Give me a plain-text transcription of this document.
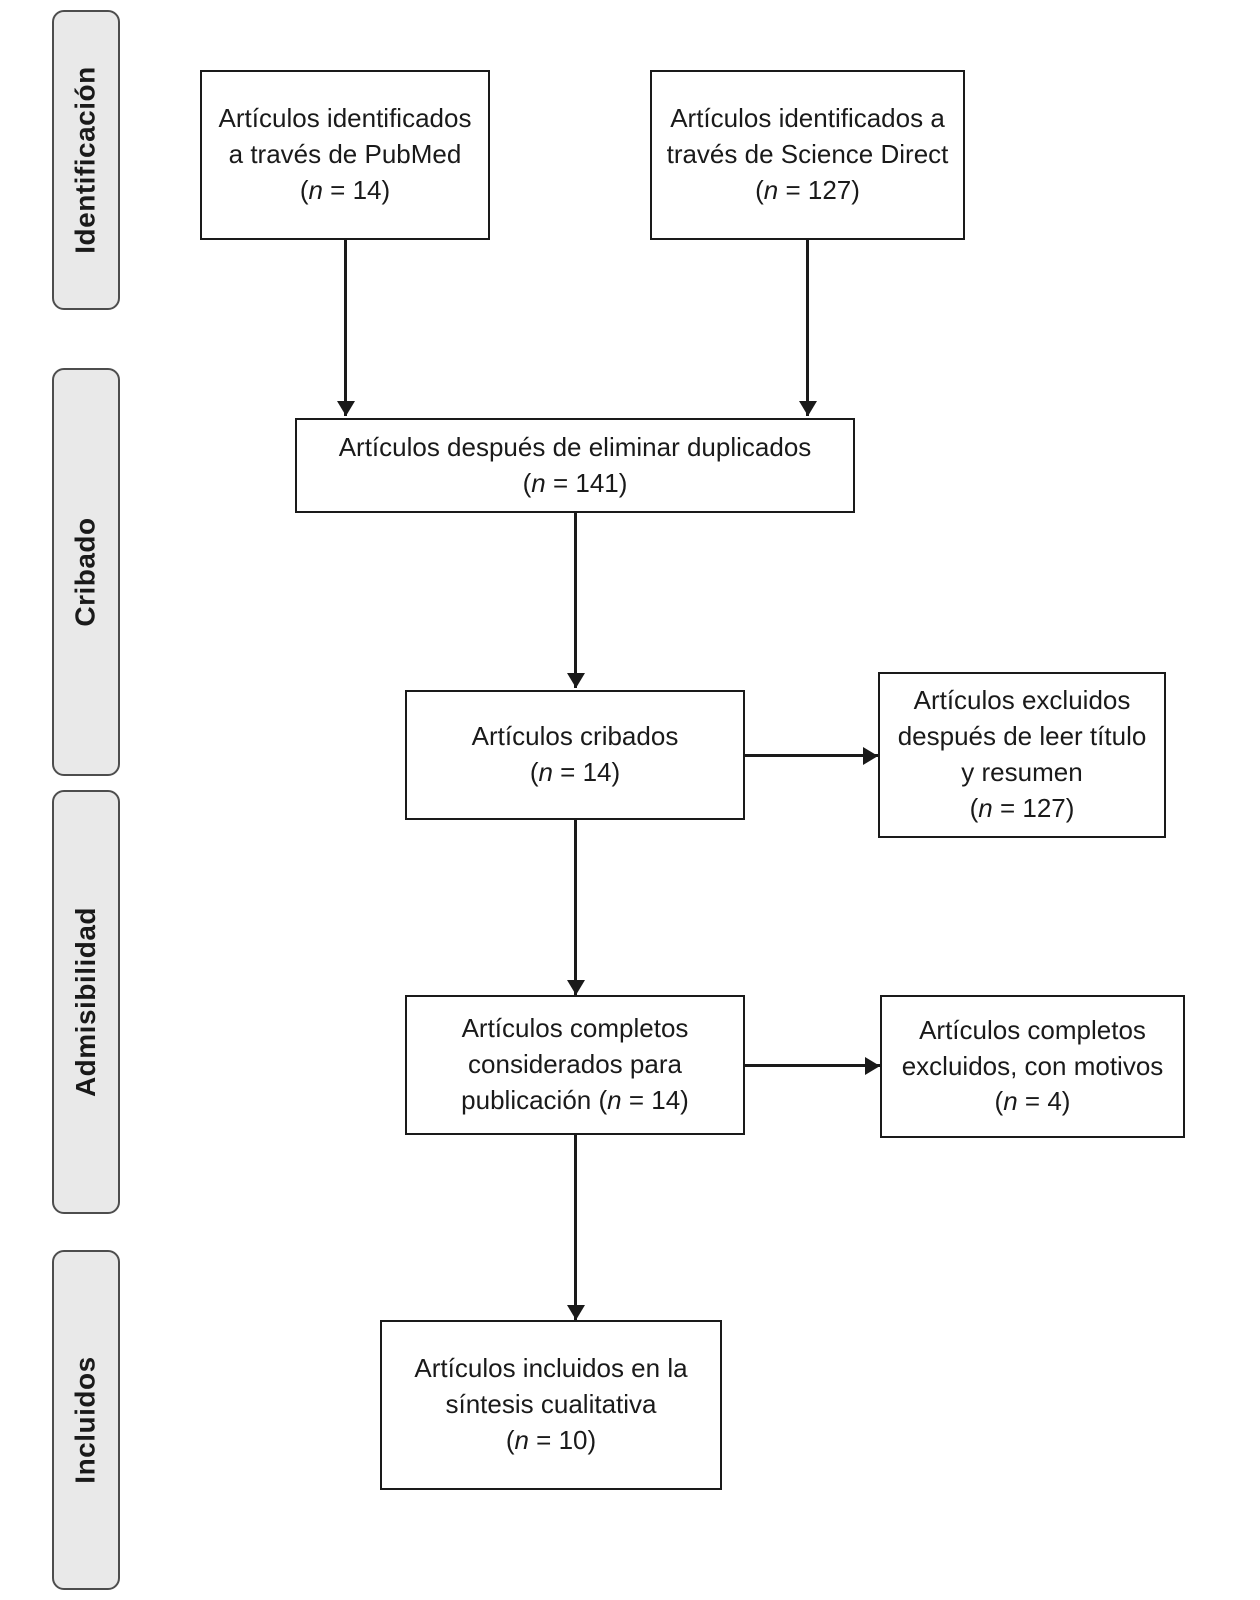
Identificación
Cribado
Admisibilidad
Incluidos
Artículos identificados a través de PubMed
(n = 14)
Artículos identificados a través de Science Direct
(n = 127)
Artículos después de eliminar duplicados
(n = 141)
Artículos cribados
(n = 14)
Artículos excluidos después de leer título y resumen
(n = 127)
Artículos completos considerados para publicación (n = 14)
Artículos completos excluidos, con motivos (n = 4)
Artículos incluidos en la síntesis cualitativa
(n = 10)
